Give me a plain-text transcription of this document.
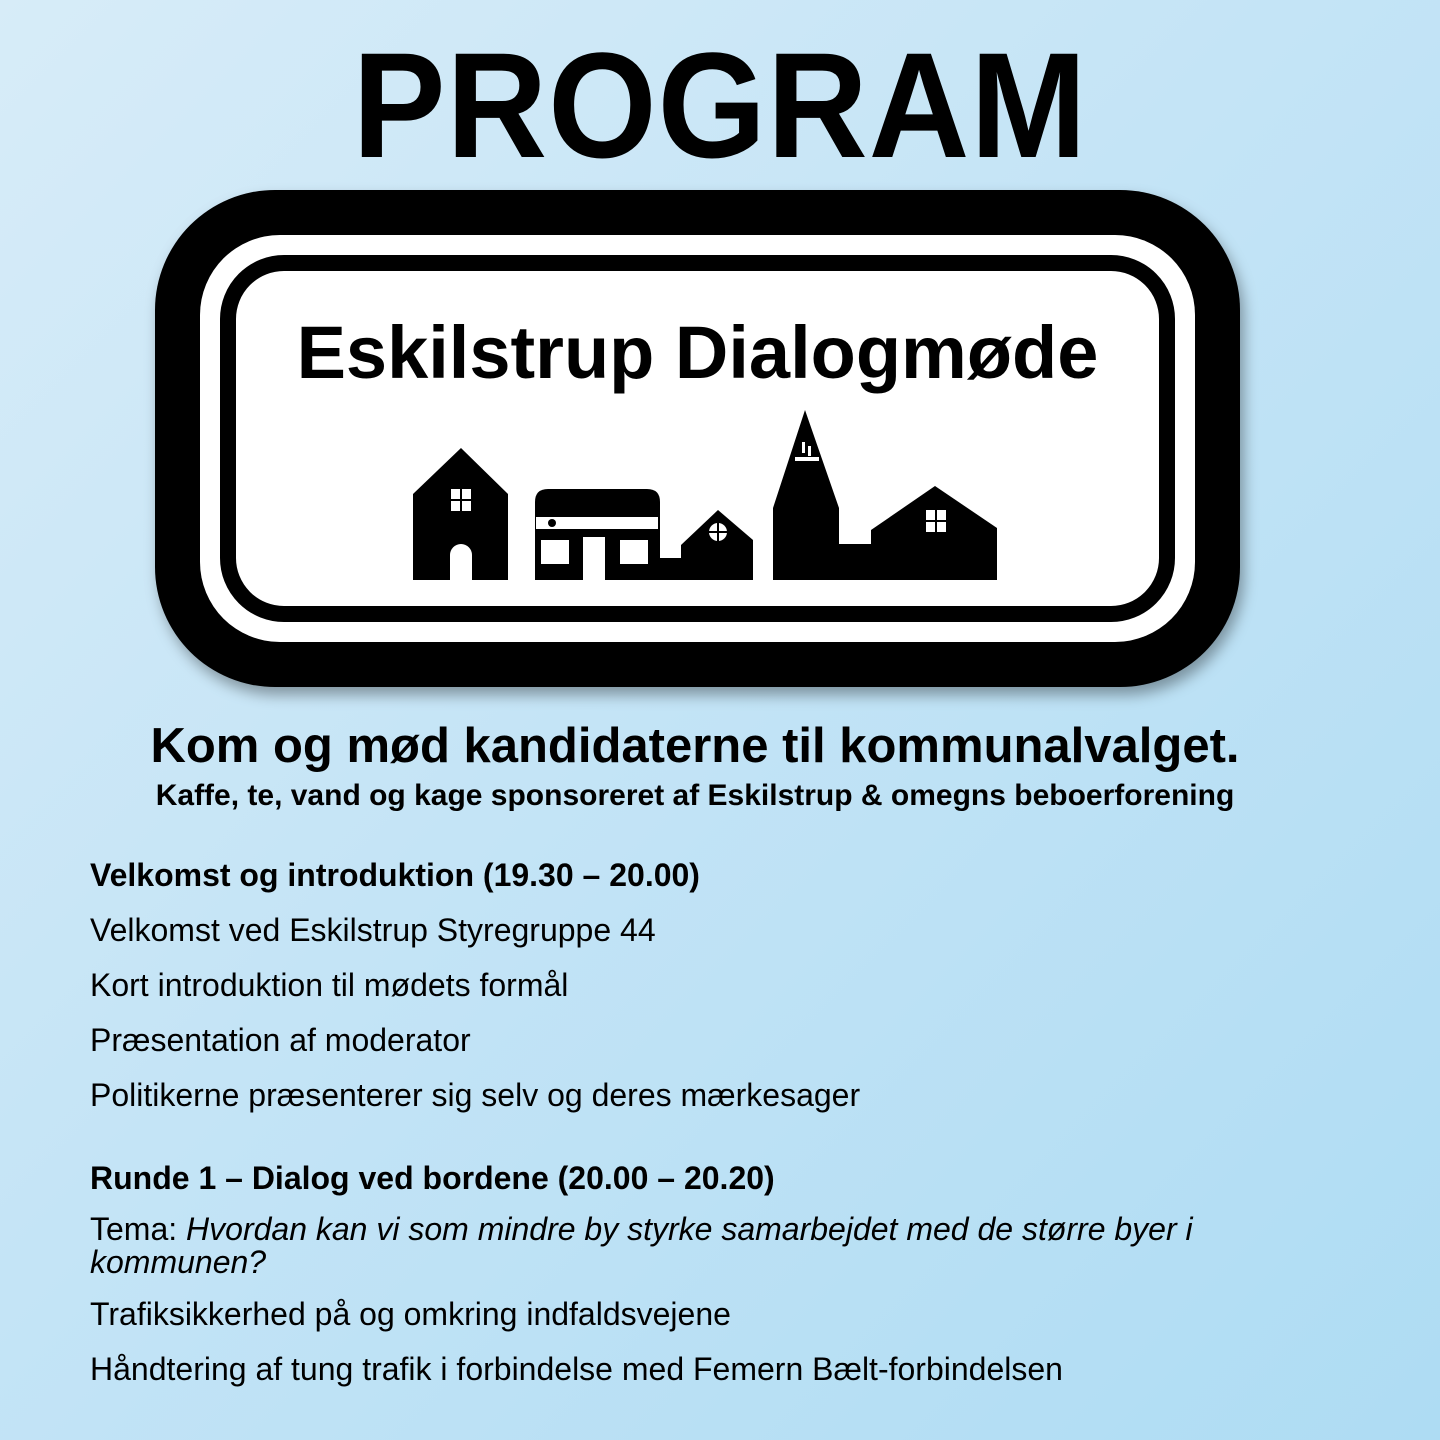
PROGRAM
Eskilstrup Dialogmøde
Kom og mød kandidaterne til kommunalvalget.
Kaffe, te, vand og kage sponsoreret af Eskilstrup & omegns beboerforening
Velkomst og introduktion (19.30 – 20.00)
Velkomst ved Eskilstrup Styregruppe 44
Kort introduktion til mødets formål
Præsentation af moderator
Politikerne præsenterer sig selv og deres mærkesager
Runde 1 – Dialog ved bordene (20.00 – 20.20)
Tema: Hvordan kan vi som mindre by styrke samarbejdet med de større byer i kommunen?
Trafiksikkerhed på og omkring indfaldsvejene
Håndtering af tung trafik i forbindelse med Femern Bælt-forbindelsen
